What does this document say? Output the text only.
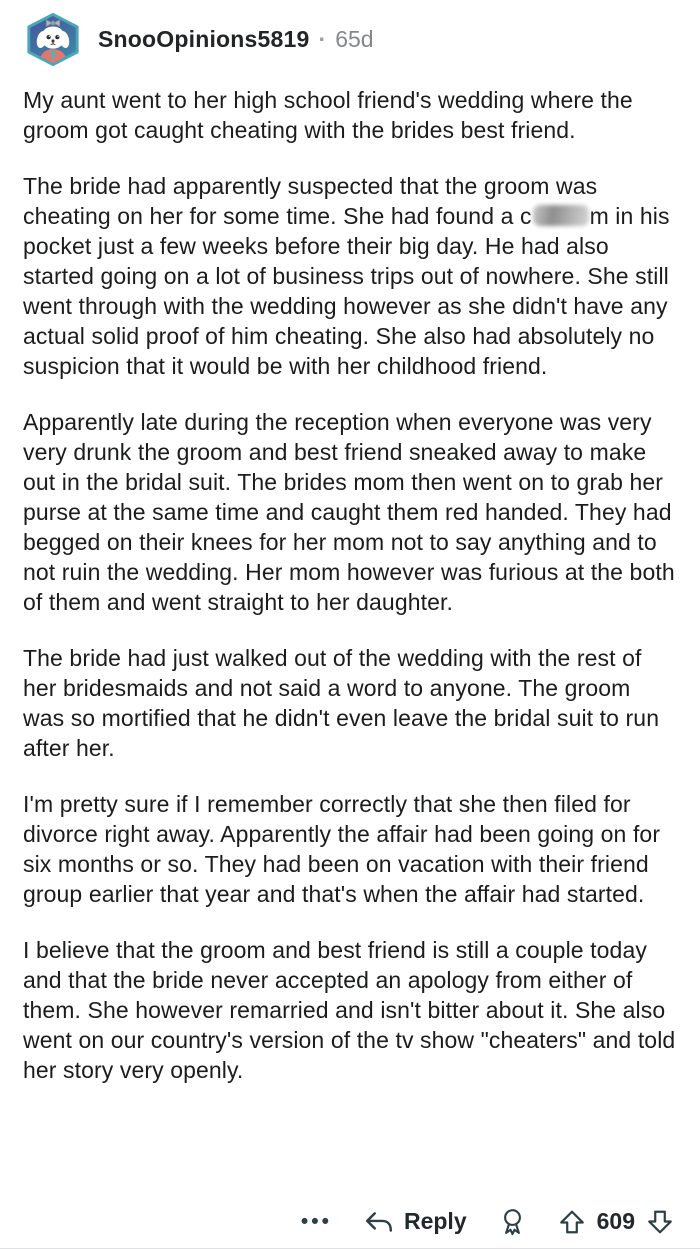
SnooOpinions5819 · 65d

My aunt went to her high school friend's wedding where the groom got caught cheating with the brides best friend.

The bride had apparently suspected that the groom was cheating on her for some time. She had found a c	m in his pocket just a few weeks before their big day. He had also started going on a lot of business trips out of nowhere. She still went through with the wedding however as she didn't have any actual solid proof of him cheating. She also had absolutely no suspicion that it would be with her childhood friend.

Apparently late during the reception when everyone was very very drunk the groom and best friend sneaked away to make out in the bridal suit. The brides mom then went on to grab her purse at the same time and caught them red handed. They had begged on their knees for her mom not to say anything and to not ruin the wedding. Her mom however was furious at the both of them and went straight to her daughter.

The bride had just walked out of the wedding with the rest of her bridesmaids and not said a word to anyone. The groom was so mortified that he didn't even leave the bridal suit to run after her.

I'm pretty sure if I remember correctly that she then filed for divorce right away. Apparently the affair had been going on for six months or so. They had been on vacation with their friend group earlier that year and that's when the affair had started.

I believe that the groom and best friend is still a couple today and that the bride never accepted an apology from either of them. She however remarried and isn't bitter about it. She also went on our country's version of the tv show "cheaters" and told her story very openly.

•••	Reply	609
